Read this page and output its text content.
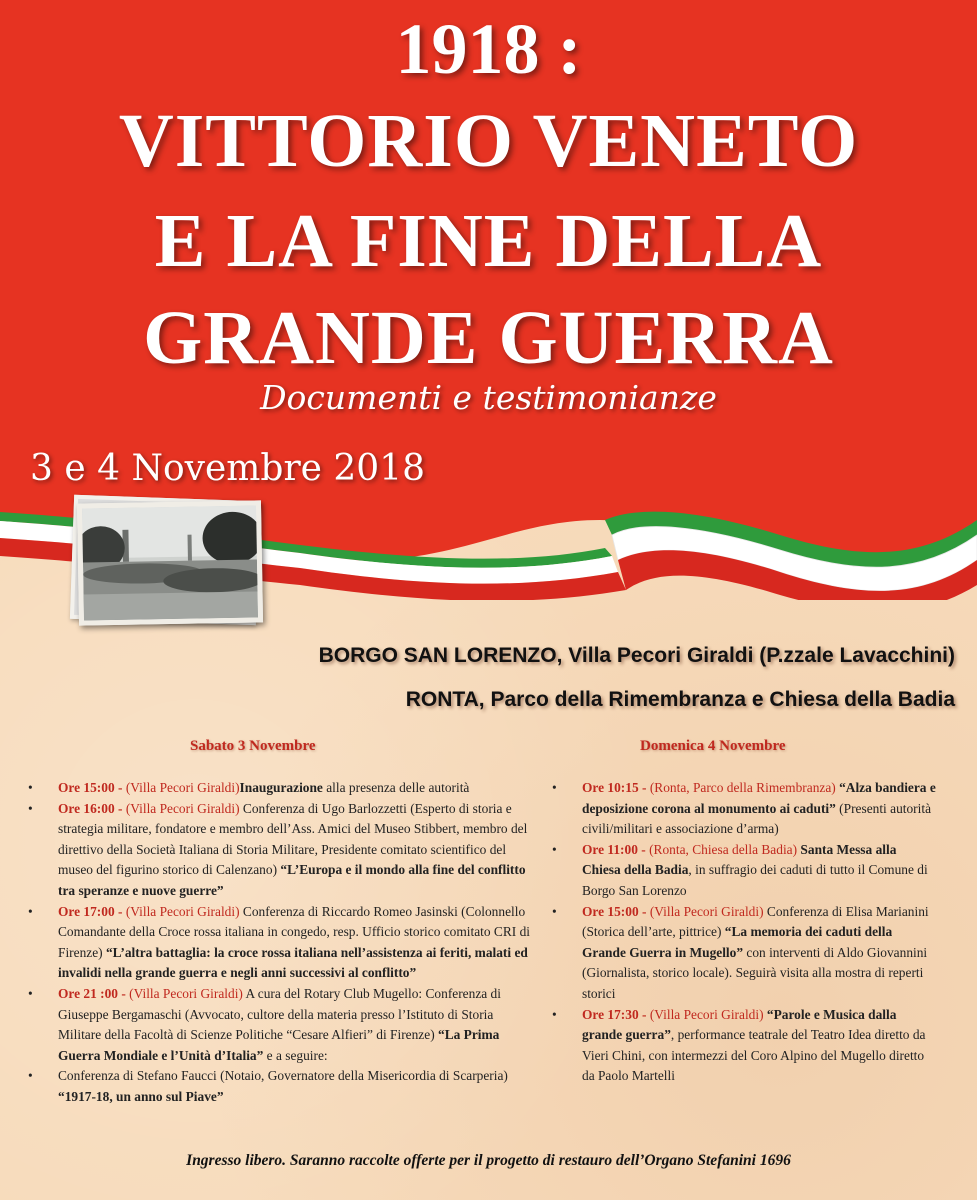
1918 :
VITTORIO VENETO
E LA FINE DELLA
GRANDE GUERRA
Documenti e testimonianze
3 e 4 Novembre 2018
BORGO SAN LORENZO, Villa Pecori Giraldi (P.zzale Lavacchini)
RONTA, Parco della Rimembranza e Chiesa della Badia
Sabato 3 Novembre	Domenica 4 Novembre

• Ore 15:00 - (Villa Pecori Giraldi)Inaugurazione alla presenza delle autorità

• Ore 16:00 - (Villa Pecori Giraldi) Conferenza di Ugo Barlozzetti (Esperto di storia e strategia militare, fondatore e membro dell’Ass. Amici del Museo Stibbert, membro del direttivo della Società Italiana di Storia Militare, Presidente comitato scientifico del museo del figurino storico di Calenzano) “L’Europa e il mondo alla fine del conflitto tra speranze e nuove guerre”

• Ore 17:00 - (Villa Pecori Giraldi) Conferenza di Riccardo Romeo Jasinski (Colonnello Comandante della Croce rossa italiana in congedo, resp. Ufficio storico comitato CRI di Firenze) “L’altra battaglia: la croce rossa italiana nell’assistenza ai feriti, malati ed invalidi nella grande guerra e negli anni successivi al conflitto”

• Ore 21 :00 - (Villa Pecori Giraldi) A cura del Rotary Club Mugello: Conferenza di Giuseppe Bergamaschi (Avvocato, cultore della materia presso l’Istituto di Storia Militare della Facoltà di Scienze Politiche “Cesare Alfieri” di Firenze) “La Prima Guerra Mondiale e l’Unità d’Italia” e a seguire:

• Conferenza di Stefano Faucci (Notaio, Governatore della Misericordia di Scarperia) “1917-18, un anno sul Piave”

• Ore 10:15 - (Ronta, Parco della Rimembranza) “Alza bandiera e deposizione corona al monumento ai caduti” (Presenti autorità civili/militari e associazione d’arma)

• Ore 11:00 - (Ronta, Chiesa della Badia) Santa Messa alla Chiesa della Badia, in suffragio dei caduti di tutto il Comune di Borgo San Lorenzo

• Ore 15:00 - (Villa Pecori Giraldi) Conferenza di Elisa Marianini (Storica dell’arte, pittrice) “La memoria dei caduti della Grande Guerra in Mugello” con interventi di Aldo Giovannini (Giornalista, storico locale). Seguirà visita alla mostra di reperti storici

• Ore 17:30 - (Villa Pecori Giraldi) “Parole e Musica dalla grande guerra”, performance teatrale del Teatro Idea diretto da Vieri Chini, con intermezzi del Coro Alpino del Mugello diretto da Paolo Martelli

Ingresso libero. Saranno raccolte offerte per il progetto di restauro dell’Organo Stefanini 1696
